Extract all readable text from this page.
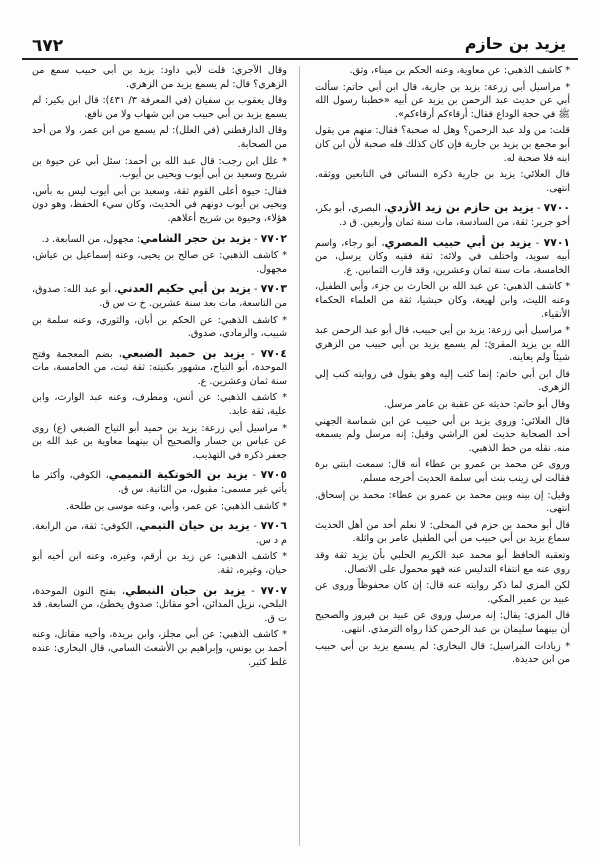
يزيد بن حازم
٦٧٢
* كاشف الذهبي: عن معاوية، وعنه الحكم بن ميناء، وثق.
* مراسيل أبي زرعة: يزيد بن جارية، قال ابن أبي حاتم: سألت أبي عن حديث عبد الرحمن بن يزيد عن أبيه «خطبنا رسول الله ﷺ في حجة الوداع فقال: أرقاءكم أرقاءكم».
قلت: من ولد عبد الرحمن؟ وهل له صحبة؟ فقال: منهم من يقول أبو مجمع بن يزيد بن جارية فإن كان كذلك فله صحبة لأن ابن كان ابنه فلا صحبة له.
قال العلائي: يزيد بن جارية ذكره النسائي في التابعين ووثقه. انتهى.
٧٧٠٠ - يزيد بن حازم بن زيد الأزدي، البصري، أبو بكر، أخو جرير: ثقة، من السادسة، مات سنة ثمان وأربعين. ق د.
٧٧٠١ - يزيد بن أبي حبيب المصري، أبو رجاء، واسم أبيه سويد، واختلف في ولائه: ثقة فقيه وكان يرسل، من الخامسة، مات سنة ثمان وعشرين، وقد قارب الثمانين. ع.
* كاشف الذهبي: عن عبد الله بن الحارث بن جزء، وأبي الطفيل، وعنه الليث، وابن لهيعة، وكان حبشيا، ثقة من العلماء الحكماء الأتقياء.
* مراسيل أبي زرعة: يزيد بن أبي حبيب، قال أبو عبد الرحمن عبد الله بن يزيد المقرئ: لم يسمع يزيد بن أبي حبيب من الزهري شيئاً ولم يعاينه.
قال ابن أبي حاتم: إنما كتب إليه وهو يقول في روايته كتب إلي الزهري.
وقال أبو حاتم: حديثه عن عقبة بن عامر مرسل.
قال العلائي: وروى يزيد بن أبي حبيب عن ابن شماسة الجهني أحد الصحابة حديث لعن الراشي وقيل: إنه مرسل ولم يسمعه منه. نقله من خط الذهبي.
وروى عن محمد بن عمرو بن عطاء أنه قال: سمعت ابنتي برة فقالت لي زينب بنت أبي سلمة الحديث أخرجه مسلم.
وقيل: إن بينه وبين محمد بن عمرو بن عطاء: محمد بن إسحاق. انتهى.
قال أبو محمد بن حزم في المحلى: لا نعلم أحد من أهل الحديث سماع يزيد بن أبي حبيب من أبي الطفيل عامر بن واثلة.
وتعقبه الحافظ أبو محمد عبد الكريم الحلبي بأن يزيد ثقة وقد روى عنه مع انتفاء التدليس عنه فهو محمول على الاتصال.
لكن المزي لما ذكر روايته عنه قال: إن كان محفوظاً وروى عن عبيد بن عمير المكي.
قال المزي: يقال: إنه مرسل وروى عن عبيد بن فيروز والصحيح أن بينهما سليمان بن عبد الرحمن كذا رواه الترمذي. انتهى.
* زيادات المراسيل: قال البخاري: لم يسمع يزيد بن أبي حبيب من ابن حديدة.
وقال الآجري: قلت لأبي داود: يزيد بن أبي حبيب سمع من الزهري؟ قال: لم يسمع يزيد من الزهري.
وقال يعقوب بن سفيان (في المعرفة ٣/ ٤٣١): قال ابن بكير: لم يسمع يزيد بن أبي حبيب من ابن شهاب ولا من نافع.
وقال الدارقطني (في العلل): لم يسمع من ابن عمر، ولا من أحد من الصحابة.
* علل ابن رجب: قال عبد الله بن أحمد: سئل أبي عن حيوة بن شريح وسعيد بن أبي أيوب ويحيى بن أيوب.
فقال: حيوة أعلى القوم ثقة، وسعيد بن أبي أيوب ليس به بأس، ويحيى بن أيوب دونهم في الحديث، وكان سيء الحفظ، وهو دون هؤلاء، وحيوة بن شريح أعلاهم.
٧٧٠٢ - يزيد بن حجر الشامي: مجهول، من السابعة. د.
* كاشف الذهبي: عن صالح بن يحيى، وعنه إسماعيل بن عياش، مجهول.
٧٧٠٣ - يزيد بن أبي حكيم العدني، أبو عبد الله: صدوق، من التاسعة، مات بعد سنة عشرين. خ ت س ق.
* كاشف الذهبي: عن الحكم بن أبان، والثوري، وعنه سلمة بن شبيب، والرمادي، صدوق.
٧٧٠٤ - يزيد بن حميد الضبعي، بضم المعجمة وفتح الموحدة، أبو التياح، مشهور بكنيته: ثقة ثبت، من الخامسة، مات سنة ثمان وعشرين. ع.
* كاشف الذهبي: عن أنس، ومطرف، وعنه عبد الوارث، وابن علية، ثقة عابد.
* مراسيل أبي زرعة: يزيد بن حميد أبو التياح الضبعي (ع) روى عن عباس بن جسار والصحيح أن بينهما معاوية بن عبد الله بن جعفر ذكره في التهذيب.
٧٧٠٥ - يزيد بن الخوتكية التميمي، الكوفي، وأكثر ما يأتي غير مسمى: مقبول، من الثانية. س ق.
* كاشف الذهبي: عن عمر، وأبي، وعنه موسى بن طلحة.
٧٧٠٦ - يزيد بن حيان التيمي، الكوفي: ثقة، من الرابعة. م د س.
* كاشف الذهبي: عن زيد بن أرقم، وغيره، وعنه ابن أخيه أبو حيان، وغيره، ثقة.
٧٧٠٧ - يزيد بن حيان النبطي، بفتح النون الموحدة، البلخي، نزيل المدائن، أخو مقاتل: صدوق يخطئ، من السابعة. قد ت ق.
* كاشف الذهبي: عن أبي مجلز، وابن بريدة، وأخيه مقاتل، وعنه أحمد بن يونس، وإبراهيم بن الأشعث السامي، قال البخاري: عنده غلط كثير.
